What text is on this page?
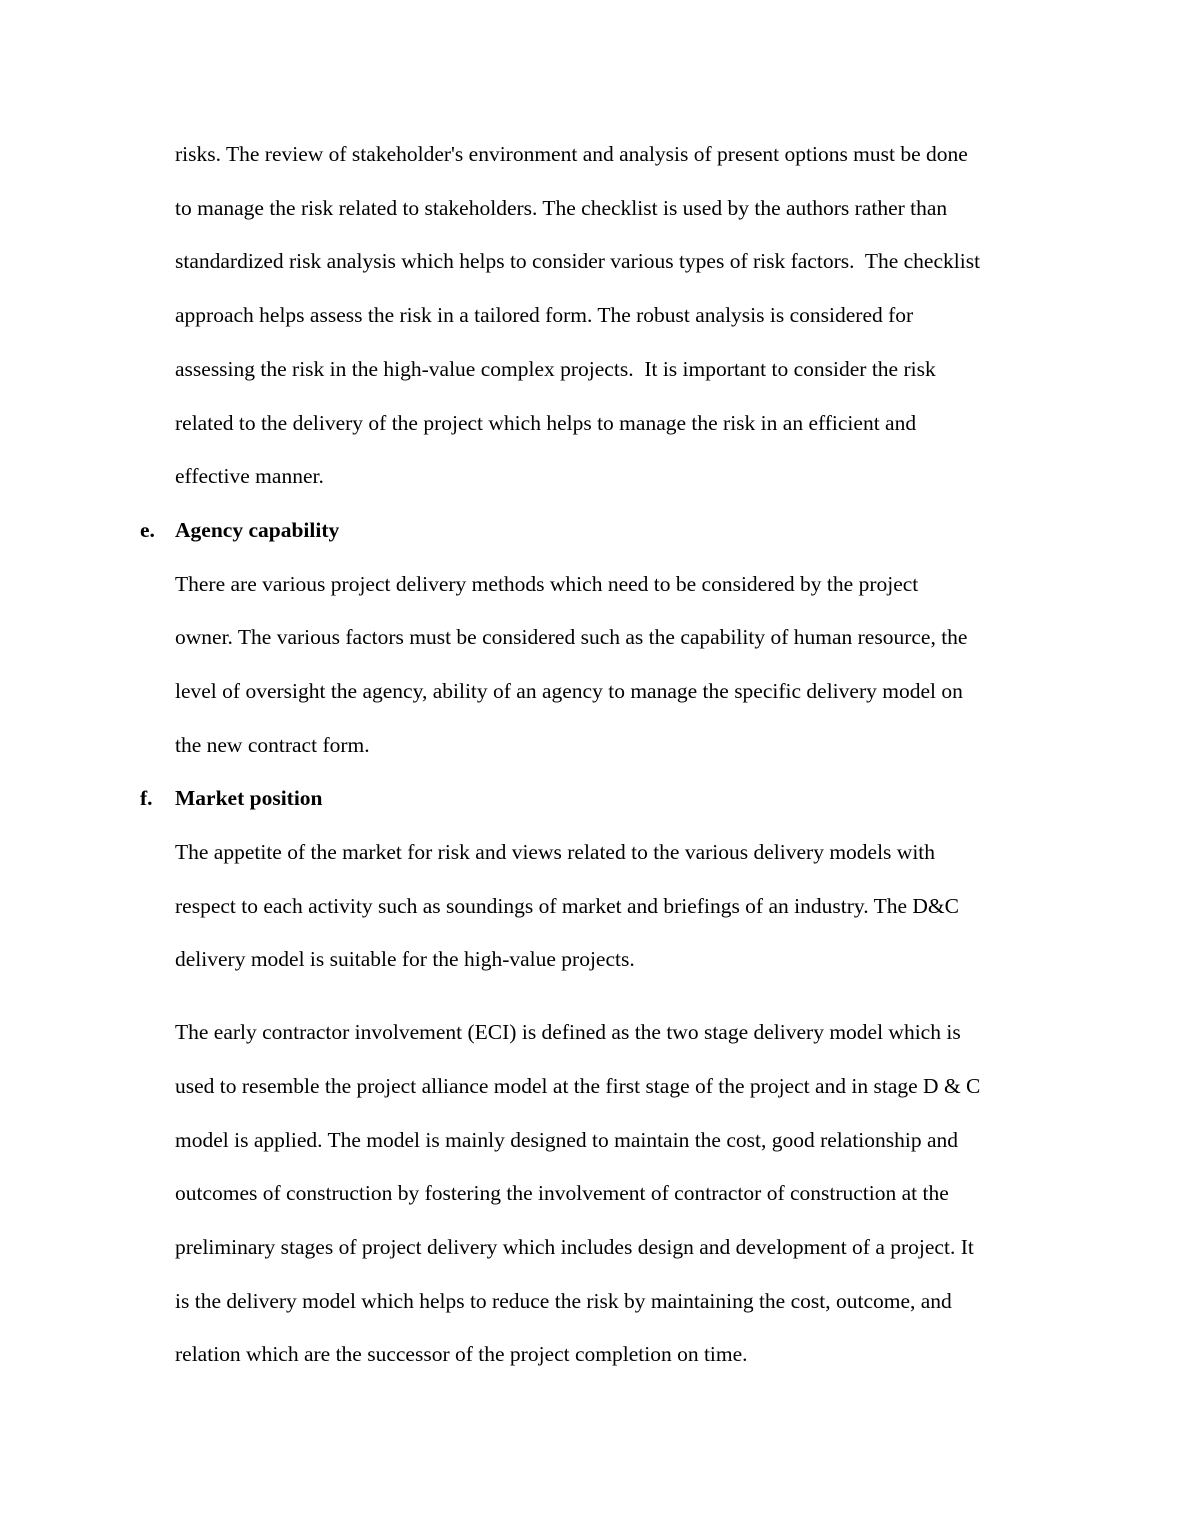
risks. The review of stakeholder's environment and analysis of present options must be done

to manage the risk related to stakeholders. The checklist is used by the authors rather than

standardized risk analysis which helps to consider various types of risk factors.  The checklist

approach helps assess the risk in a tailored form. The robust analysis is considered for

assessing the risk in the high-value complex projects.  It is important to consider the risk

related to the delivery of the project which helps to manage the risk in an efficient and

effective manner.

e. Agency capability

There are various project delivery methods which need to be considered by the project

owner. The various factors must be considered such as the capability of human resource, the

level of oversight the agency, ability of an agency to manage the specific delivery model on

the new contract form.

f. Market position

The appetite of the market for risk and views related to the various delivery models with

respect to each activity such as soundings of market and briefings of an industry. The D&C

delivery model is suitable for the high-value projects.

The early contractor involvement (ECI) is defined as the two stage delivery model which is

used to resemble the project alliance model at the first stage of the project and in stage D & C

model is applied. The model is mainly designed to maintain the cost, good relationship and

outcomes of construction by fostering the involvement of contractor of construction at the

preliminary stages of project delivery which includes design and development of a project. It

is the delivery model which helps to reduce the risk by maintaining the cost, outcome, and

relation which are the successor of the project completion on time.
